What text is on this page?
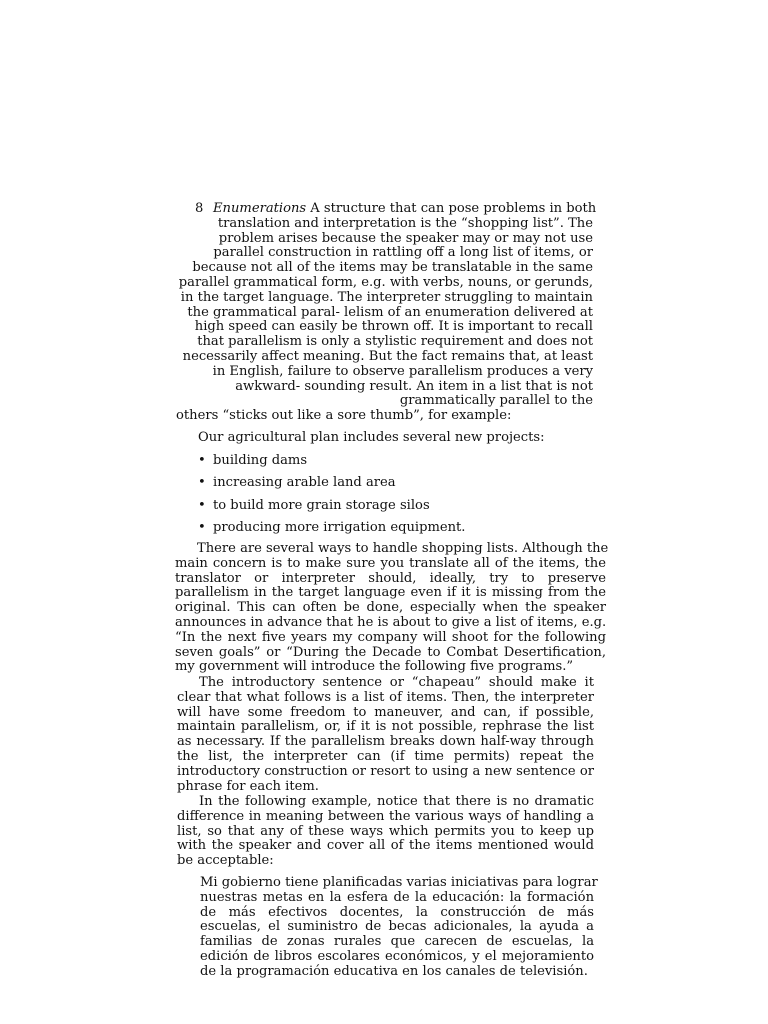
8 Enumerations A structure that can pose problems in both
translation and interpretation is the “shopping list”. The
problem arises because the speaker may or may not use
parallel construction in rattling off a long list of items, or
because not all of the items may be translatable in the same
parallel grammatical form, e.g. with verbs, nouns, or gerunds,
in the target language. The interpreter struggling to maintain
the grammatical paral- lelism of an enumeration delivered at
high speed can easily be thrown off. It is important to recall
that parallelism is only a stylistic requirement and does not
necessarily affect meaning. But the fact remains that, at least
in English, failure to observe parallelism produces a very
awkward- sounding result. An item in a list that is not
grammatically parallel to the
others “sticks out like a sore thumb”, for example:

Our agricultural plan includes several new projects:

• building dams
• increasing arable land area
• to build more grain storage silos
• producing more irrigation equipment.
There are several ways to handle shopping lists. Although the
main concern is to make sure you translate all of the items, the
translator or interpreter should, ideally, try to preserve
parallelism in the target language even if it is missing from the
original. This can often be done, especially when the speaker
announces in advance that he is about to give a list of items, e.g.
“In the next five years my company will shoot for the following
seven goals” or “During the Decade to Combat Desertification,
my government will introduce the following five programs.”
The introductory sentence or “chapeau” should make it
clear that what follows is a list of items. Then, the interpreter
will have some freedom to maneuver, and can, if possible,
maintain parallelism, or, if it is not possible, rephrase the list
as necessary. If the parallelism breaks down half-way through
the list, the interpreter can (if time permits) repeat the
introductory construction or resort to using a new sentence or
phrase for each item.
In the following example, notice that there is no dramatic
difference in meaning between the various ways of handling a
list, so that any of these ways which permits you to keep up
with the speaker and cover all of the items mentioned would
be acceptable:
Mi gobierno tiene planificadas varias iniciativas para lograr
nuestras metas en la esfera de la educación: la formación
de más efectivos docentes, la construcción de más
escuelas, el suministro de becas adicionales, la ayuda a
familias de zonas rurales que carecen de escuelas, la
edición de libros escolares económicos, y el mejoramiento
de la programación educativa en los canales de televisión.
